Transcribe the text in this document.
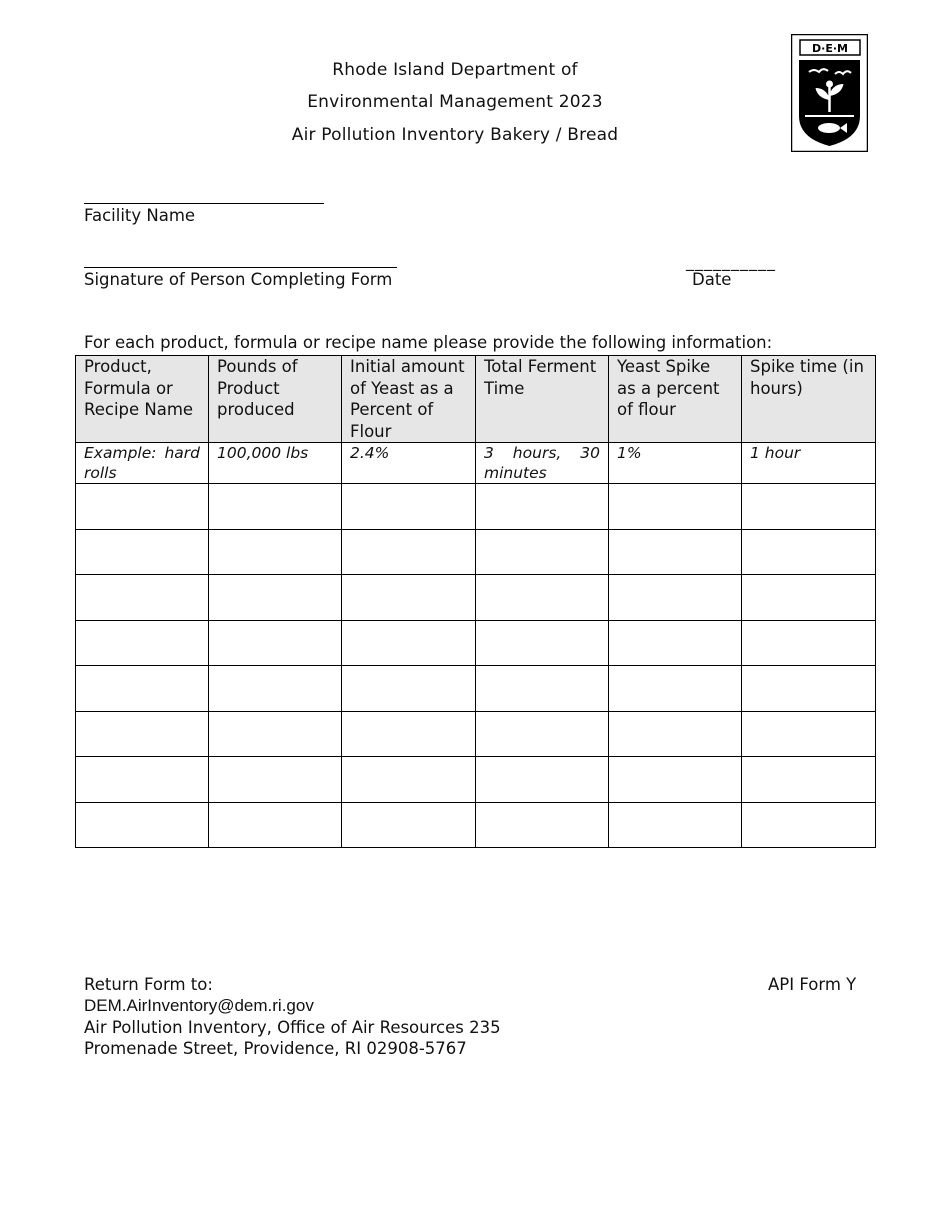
Rhode Island Department of
Environmental Management 2023
Air Pollution Inventory Bakery / Bread
D·E·M
Facility Name
Signature of Person Completing Form
__________
Date
For each product, formula or recipe name please provide the following information:
Product, Formula or Recipe Name	Pounds of Product produced	Initial amount of Yeast as a Percent of Flour	Total Ferment Time	Yeast Spike as a percent of flour	Spike time (in hours)
Example: hard rolls	100,000 lbs	2.4%	3 hours, 30 minutes	1%	1 hour

Return Form to:
DEM.AirInventory@dem.ri.gov
Air Pollution Inventory, Office of Air Resources 235
Promenade Street, Providence, RI 02908-5767
API Form Y
